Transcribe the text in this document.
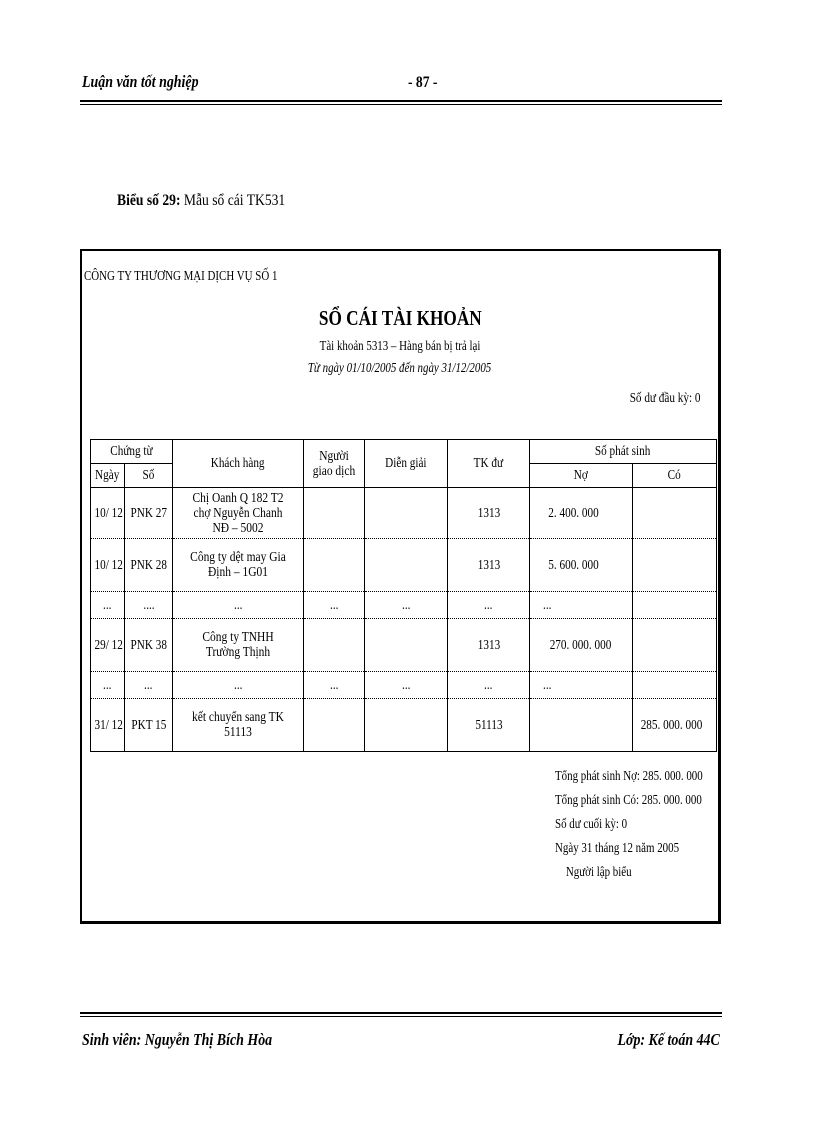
Luận văn tốt nghiệp	- 87 -
Biểu số 29: Mẫu sổ cái TK531
CÔNG TY THƯƠNG MẠI DỊCH VỤ SỐ 1
SỔ CÁI TÀI KHOẢN
Tài khoản 5313 – Hàng bán bị trả lại
Từ ngày 01/10/2005 đến ngày 31/12/2005
Số dư đầu kỳ: 0
Chứng từ		Khách hàng	Người giao dịch	Diễn giải	TK đư	Số phát sinh	
Ngày	Số					Nợ	Có
10/ 12	PNK 27	Chị Oanh Q 182 T2 chợ Nguyễn Chanh NĐ – 5002			1313	2. 400. 000	
10/ 12	PNK 28	Công ty dệt may Gia Định – 1G01			1313	5. 600. 000	
...	....	...	...	...	...	...	
29/ 12	PNK 38	Công ty TNHH Trường Thịnh			1313	270. 000. 000	
...	...	...	...	...	...	...	
31/ 12	PKT 15	kết chuyển sang TK 51113			51113		285. 000. 000
Tổng phát sinh Nợ: 285. 000. 000
Tổng phát sinh Có: 285. 000. 000
Số dư cuối kỳ: 0
Ngày 31 tháng 12 năm 2005
Người lập biểu
Sinh viên: Nguyễn Thị Bích Hòa	Lớp: Kế toán 44C
